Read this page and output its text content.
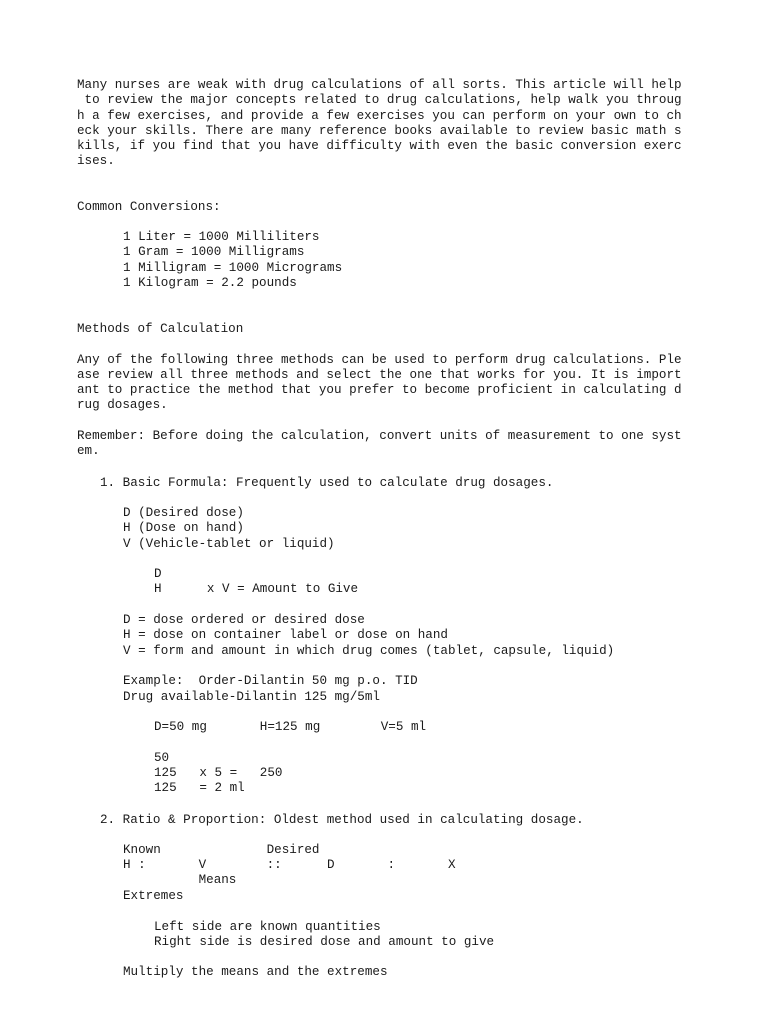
Many nurses are weak with drug calculations of all sorts. This article will help

to review the major concepts related to drug calculations, help walk you throug

h a few exercises, and provide a few exercises you can perform on your own to ch

eck your skills. There are many reference books available to review basic math s

kills, if you find that you have difficulty with even the basic conversion exerc

ises.

Common Conversions:

1 Liter = 1000 Milliliters

1 Gram = 1000 Milligrams

1 Milligram = 1000 Micrograms

1 Kilogram = 2.2 pounds

Methods of Calculation

Any of the following three methods can be used to perform drug calculations. Ple

ase review all three methods and select the one that works for you. It is import

ant to practice the method that you prefer to become proficient in calculating d

rug dosages.

Remember: Before doing the calculation, convert units of measurement to one syst

em.

1. Basic Formula: Frequently used to calculate drug dosages.

D (Desired dose)

H (Dose on hand)

V (Vehicle-tablet or liquid)

D

H      x V = Amount to Give

D = dose ordered or desired dose

H = dose on container label or dose on hand

V = form and amount in which drug comes (tablet, capsule, liquid)

Example:  Order-Dilantin 50 mg p.o. TID

Drug available-Dilantin 125 mg/5ml

D=50 mg       H=125 mg        V=5 ml

50

125   x 5 =   250

125   = 2 ml

2. Ratio & Proportion: Oldest method used in calculating dosage.

Known              Desired

H :       V        ::      D       :       X

Means

Extremes

Left side are known quantities

Right side is desired dose and amount to give

Multiply the means and the extremes
